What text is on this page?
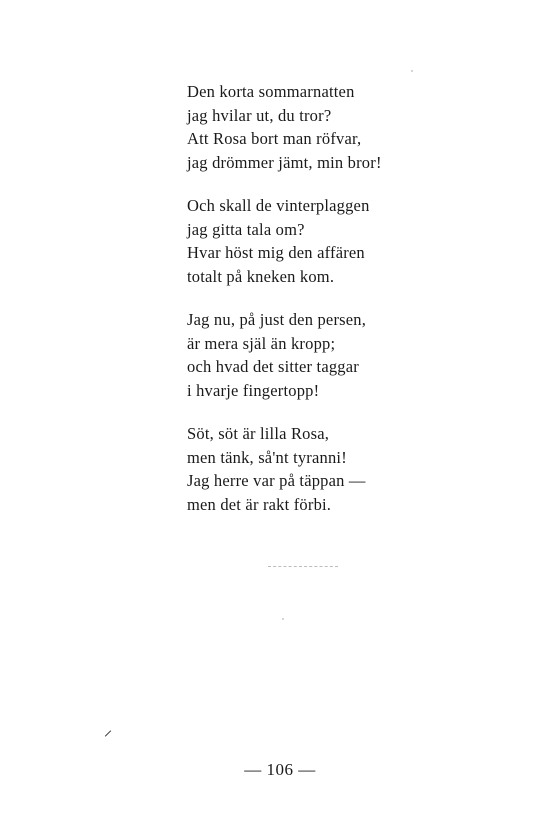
Den korta sommarnatten
jag hvilar ut, du tror?
Att Rosa bort man röfvar,
jag drömmer jämt, min bror!
Och skall de vinterplaggen
jag gitta tala om?
Hvar höst mig den affären
totalt på kneken kom.
Jag nu, på just den persen,
är mera själ än kropp;
och hvad det sitter taggar
i hvarje fingertopp!
Söt, söt är lilla Rosa,
men tänk, så'nt tyranni!
Jag herre var på täppan —
men det är rakt förbi.
— 106 —
